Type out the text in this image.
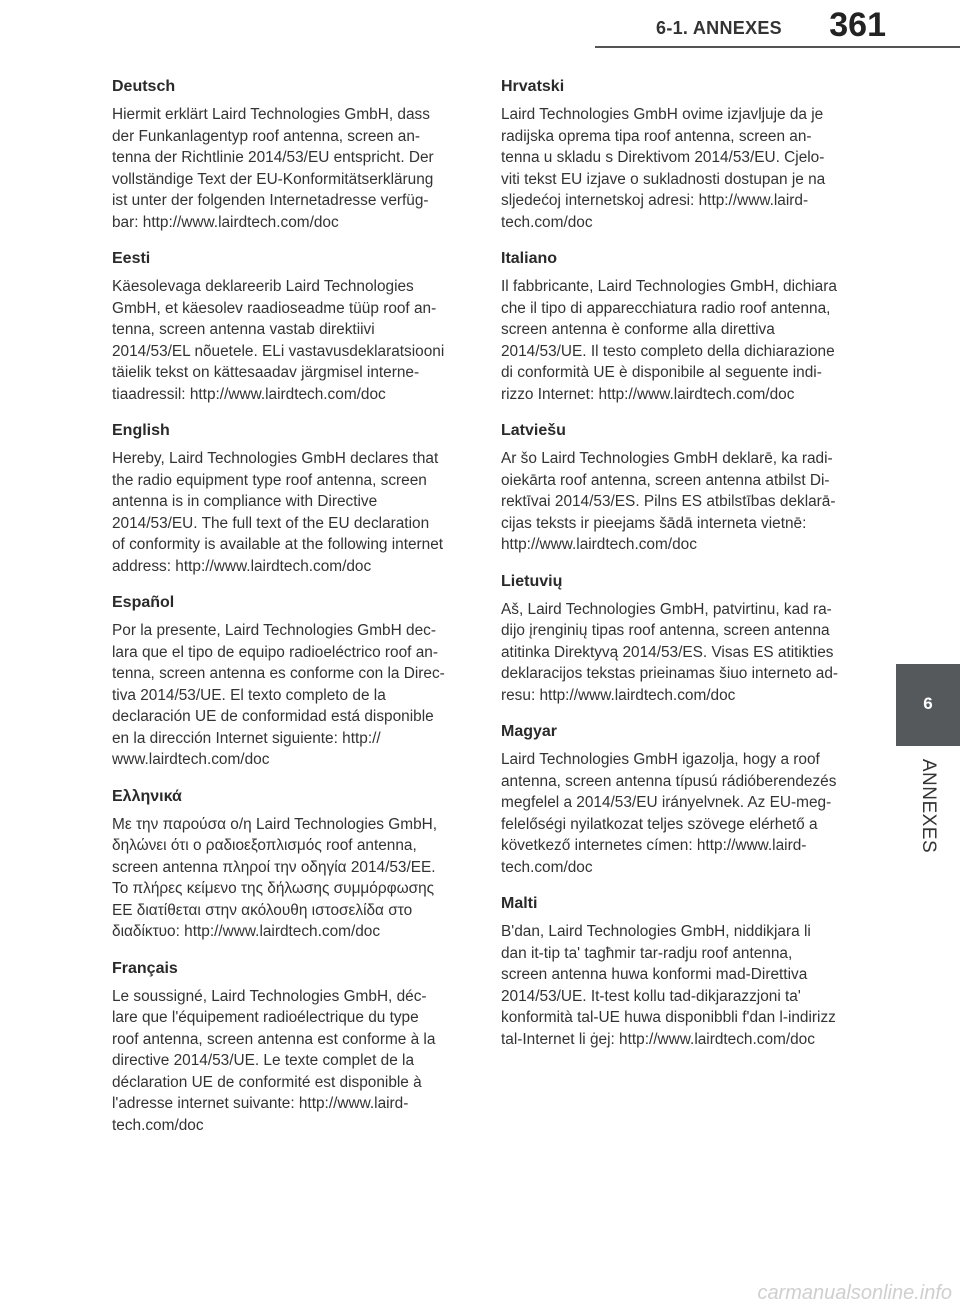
6-1. ANNEXES 361
6
ANNEXES
Deutsch

Hiermit erklärt Laird Technologies GmbH, dass
der Funkanlagentyp roof antenna, screen an-
tenna der Richtlinie 2014/53/EU entspricht. Der
vollständige Text der EU-Konformitätserklärung
ist unter der folgenden Internetadresse verfüg-
bar: http://www.lairdtech.com/doc

Eesti

Käesolevaga deklareerib Laird Technologies
GmbH, et käesolev raadioseadme tüüp roof an-
tenna, screen antenna vastab direktiivi
2014/53/EL nõuetele. ELi vastavusdeklaratsiooni
täielik tekst on kättesaadav järgmisel interne-
tiaadressil: http://www.lairdtech.com/doc

English

Hereby, Laird Technologies GmbH declares that
the radio equipment type roof antenna, screen
antenna is in compliance with Directive
2014/53/EU. The full text of the EU declaration
of conformity is available at the following internet
address: http://www.lairdtech.com/doc

Español

Por la presente, Laird Technologies GmbH dec-
lara que el tipo de equipo radioeléctrico roof an-
tenna, screen antenna es conforme con la Direc-
tiva 2014/53/UE. El texto completo de la
declaración UE de conformidad está disponible
en la dirección Internet siguiente: http://
www.lairdtech.com/doc

Ελληνικά

Με την παρούσα ο/η Laird Technologies GmbH,
δηλώνει ότι ο ραδιοεξοπλισμός roof antenna,
screen antenna πληροί την οδηγία 2014/53/ΕΕ.
Το πλήρες κείμενο της δήλωσης συμμόρφωσης
ΕΕ διατίθεται στην ακόλουθη ιστοσελίδα στο
διαδίκτυο: http://www.lairdtech.com/doc

Français

Le soussigné, Laird Technologies GmbH, déc-
lare que l'équipement radioélectrique du type
roof antenna, screen antenna est conforme à la
directive 2014/53/UE. Le texte complet de la
déclaration UE de conformité est disponible à
l'adresse internet suivante: http://www.laird-
tech.com/doc

Hrvatski

Laird Technologies GmbH ovime izjavljuje da je
radijska oprema tipa roof antenna, screen an-
tenna u skladu s Direktivom 2014/53/EU. Cjelo-
viti tekst EU izjave o sukladnosti dostupan je na
sljedećoj internetskoj adresi: http://www.laird-
tech.com/doc

Italiano

Il fabbricante, Laird Technologies GmbH, dichiara
che il tipo di apparecchiatura radio roof antenna,
screen antenna è conforme alla direttiva
2014/53/UE. Il testo completo della dichiarazione
di conformità UE è disponibile al seguente indi-
rizzo Internet: http://www.lairdtech.com/doc

Latviešu

Ar šo Laird Technologies GmbH deklarē, ka radi-
oiekārta roof antenna, screen antenna atbilst Di-
rektīvai 2014/53/ES. Pilns ES atbilstības deklarā-
cijas teksts ir pieejams šādā interneta vietnē:
http://www.lairdtech.com/doc

Lietuvių

Aš, Laird Technologies GmbH, patvirtinu, kad ra-
dijo įrenginių tipas roof antenna, screen antenna
atitinka Direktyvą 2014/53/ES. Visas ES atitikties
deklaracijos tekstas prieinamas šiuo interneto ad-
resu: http://www.lairdtech.com/doc

Magyar

Laird Technologies GmbH igazolja, hogy a roof
antenna, screen antenna típusú rádióberendezés
megfelel a 2014/53/EU irányelvnek. Az EU-meg-
felelőségi nyilatkozat teljes szövege elérhető a
következő internetes címen: http://www.laird-
tech.com/doc

Malti

B'dan, Laird Technologies GmbH, niddikjara li
dan it-tip ta' tagħmir tar-radju roof antenna,
screen antenna huwa konformi mad-Direttiva
2014/53/UE. It-test kollu tad-dikjarazzjoni ta'
konformità tal-UE huwa disponibbli f'dan l-indirizz
tal-Internet li ġej: http://www.lairdtech.com/doc

carmanualsonline.info
